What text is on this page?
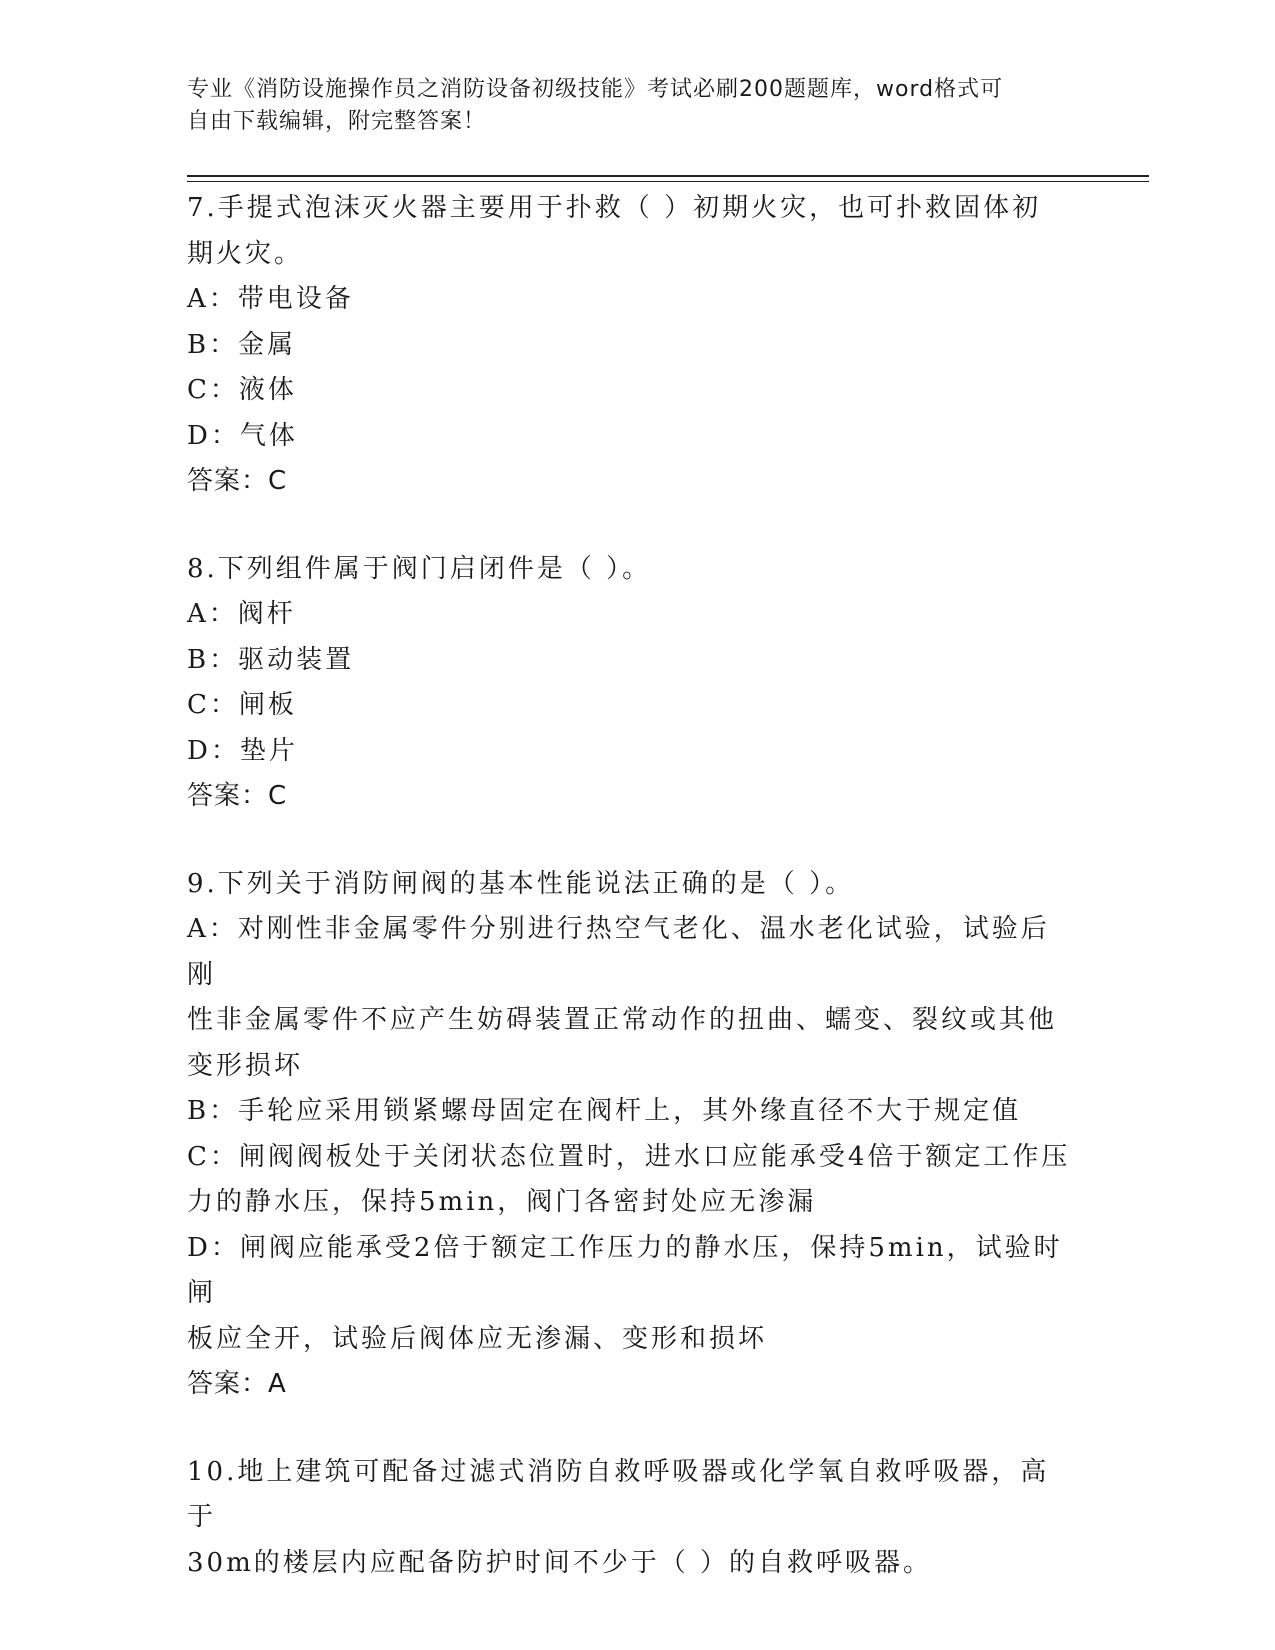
专业《消防设施操作员之消防设备初级技能》考试必刷200题题库，word格式可
自由下载编辑，附完整答案！
7.手提式泡沫灭火器主要用于扑救（ ）初期火灾，也可扑救固体初
期火灾。
A：带电设备
B：金属
C：液体
D：气体
答案：C
8.下列组件属于阀门启闭件是（ ）。
A：阀杆
B：驱动装置
C：闸板
D：垫片
答案：C
9.下列关于消防闸阀的基本性能说法正确的是（ ）。
A：对刚性非金属零件分别进行热空气老化、温水老化试验，试验后刚
性非金属零件不应产生妨碍装置正常动作的扭曲、蠕变、裂纹或其他
变形损坏
B：手轮应采用锁紧螺母固定在阀杆上，其外缘直径不大于规定值
C：闸阀阀板处于关闭状态位置时，进水口应能承受4倍于额定工作压
力的静水压，保持5min，阀门各密封处应无渗漏
D：闸阀应能承受2倍于额定工作压力的静水压，保持5min，试验时闸
板应全开，试验后阀体应无渗漏、变形和损坏
答案：A
10.地上建筑可配备过滤式消防自救呼吸器或化学氧自救呼吸器，高于
30m的楼层内应配备防护时间不少于（ ）的自救呼吸器。
